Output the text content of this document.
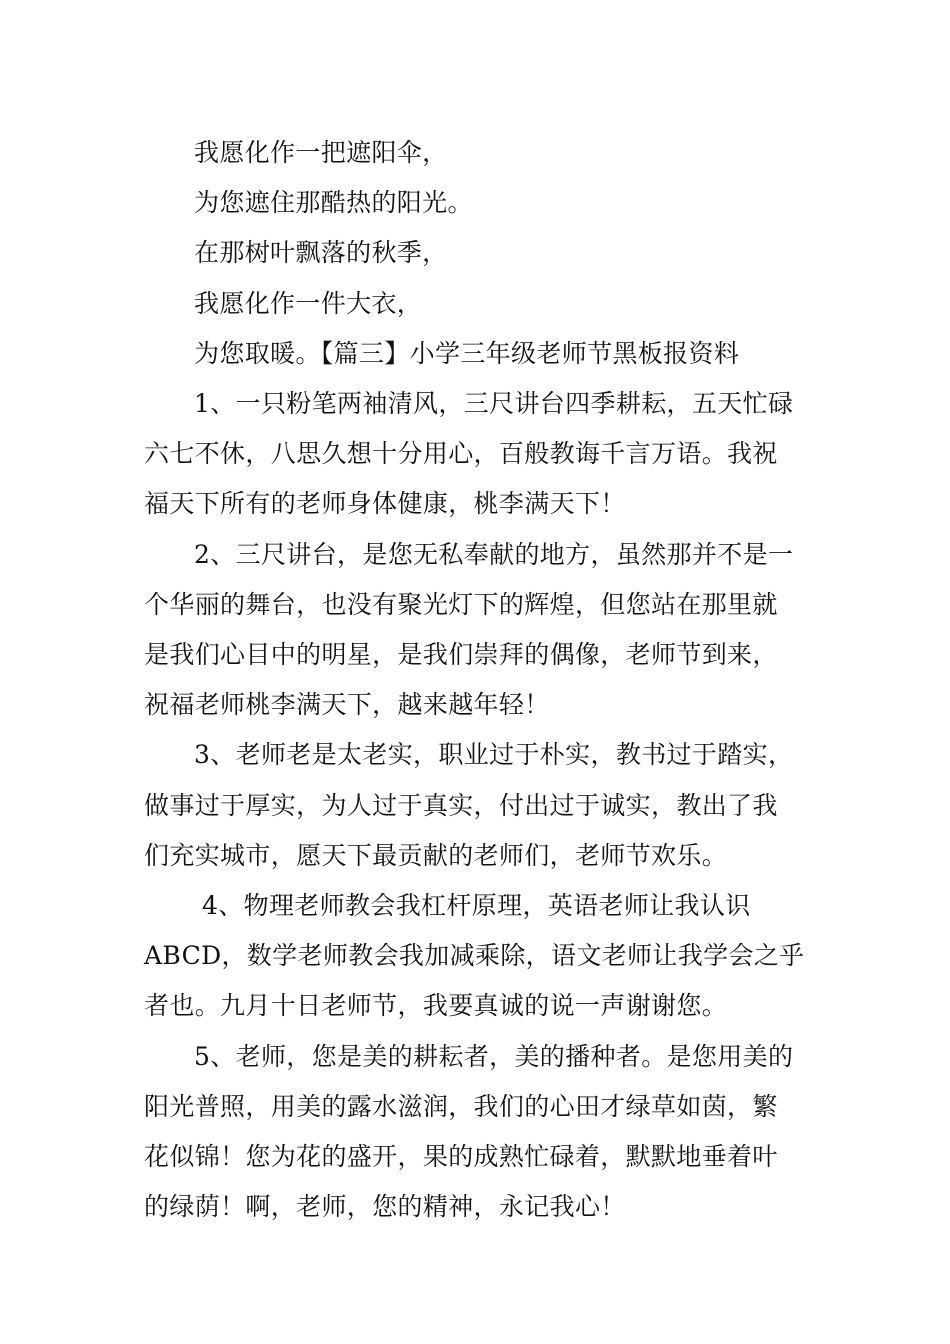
我愿化作一把遮阳伞，
为您遮住那酷热的阳光。
在那树叶飘落的秋季，
我愿化作一件大衣，
为您取暖。【篇三】小学三年级老师节黑板报资料
1、一只粉笔两袖清风，三尺讲台四季耕耘，五天忙碌
六七不休，八思久想十分用心，百般教诲千言万语。我祝
福天下所有的老师身体健康，桃李满天下！
2、三尺讲台，是您无私奉献的地方，虽然那并不是一
个华丽的舞台，也没有聚光灯下的辉煌，但您站在那里就
是我们心目中的明星，是我们崇拜的偶像，老师节到来，
祝福老师桃李满天下，越来越年轻！
3、老师老是太老实，职业过于朴实，教书过于踏实，
做事过于厚实，为人过于真实，付出过于诚实，教出了我
们充实城市，愿天下最贡献的老师们，老师节欢乐。
4、物理老师教会我杠杆原理，英语老师让我认识
ABCD，数学老师教会我加减乘除，语文老师让我学会之乎
者也。九月十日老师节，我要真诚的说一声谢谢您。
5、老师，您是美的耕耘者，美的播种者。是您用美的
阳光普照，用美的露水滋润，我们的心田才绿草如茵，繁
花似锦！您为花的盛开，果的成熟忙碌着，默默地垂着叶
的绿荫！啊，老师，您的精神，永记我心！
